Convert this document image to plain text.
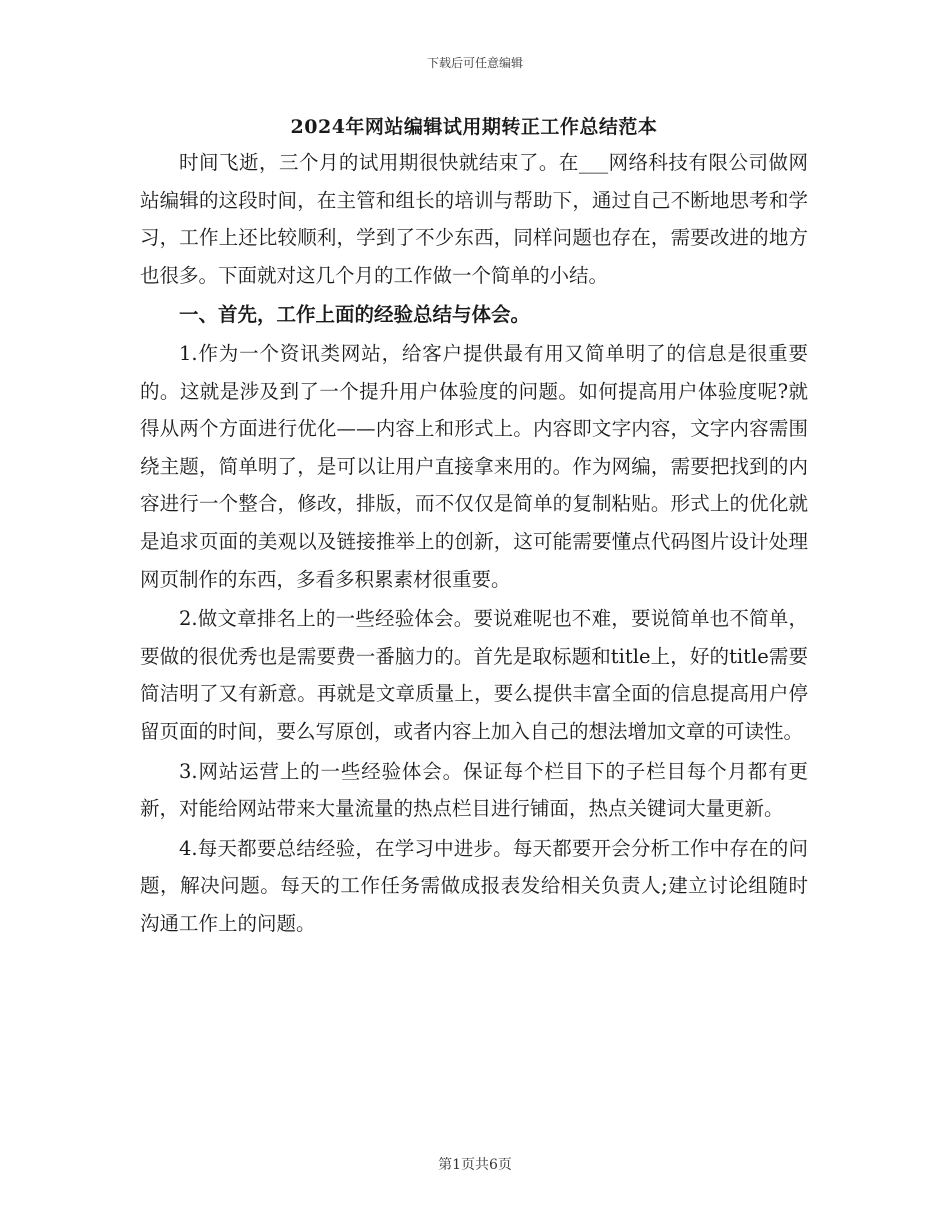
下载后可任意编辑
2024年网站编辑试用期转正工作总结范本

时间飞逝，三个月的试用期很快就结束了。在___网络科技有限公司做网站编辑的这段时间，在主管和组长的培训与帮助下，通过自己不断地思考和学习，工作上还比较顺利，学到了不少东西，同样问题也存在，需要改进的地方也很多。下面就对这几个月的工作做一个简单的小结。

一、首先，工作上面的经验总结与体会。

1.作为一个资讯类网站，给客户提供最有用又简单明了的信息是很重要的。这就是涉及到了一个提升用户体验度的问题。如何提高用户体验度呢?就得从两个方面进行优化——内容上和形式上。内容即文字内容，文字内容需围绕主题，简单明了，是可以让用户直接拿来用的。作为网编，需要把找到的内容进行一个整合，修改，排版，而不仅仅是简单的复制粘贴。形式上的优化就是追求页面的美观以及链接推举上的创新，这可能需要懂点代码图片设计处理网页制作的东西，多看多积累素材很重要。

2.做文章排名上的一些经验体会。要说难呢也不难，要说简单也不简单，要做的很优秀也是需要费一番脑力的。首先是取标题和title上，好的title需要简洁明了又有新意。再就是文章质量上，要么提供丰富全面的信息提高用户停留页面的时间，要么写原创，或者内容上加入自己的想法增加文章的可读性。

3.网站运营上的一些经验体会。保证每个栏目下的子栏目每个月都有更新，对能给网站带来大量流量的热点栏目进行铺面，热点关键词大量更新。

4.每天都要总结经验，在学习中进步。每天都要开会分析工作中存在的问题，解决问题。每天的工作任务需做成报表发给相关负责人;建立讨论组随时沟通工作上的问题。

第1页共6页
